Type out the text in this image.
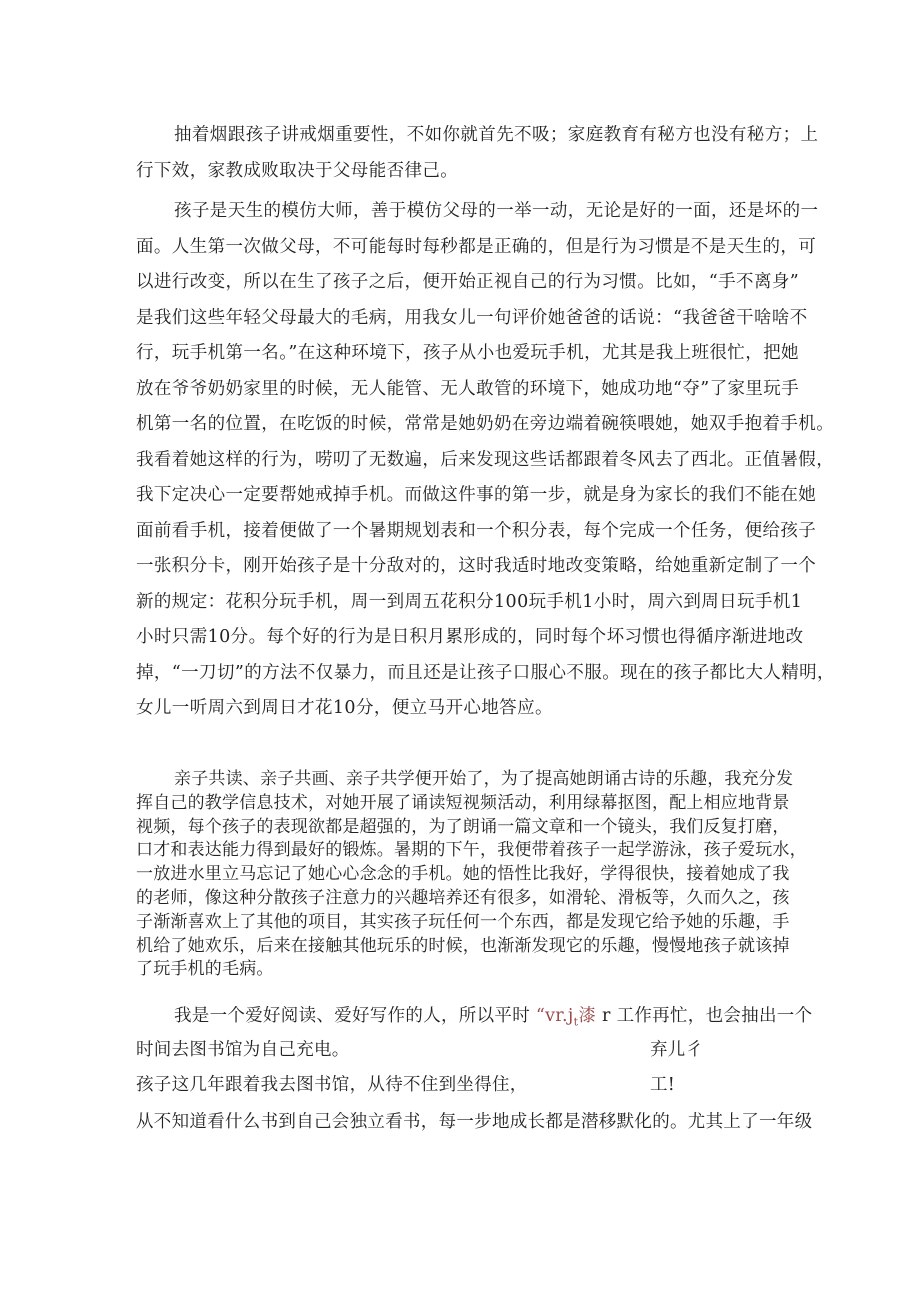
抽着烟跟孩子讲戒烟重要性，不如你就首先不吸；家庭教育有秘方也没有秘方；上
行下效，家教成败取决于父母能否律己。
孩子是天生的模仿大师，善于模仿父母的一举一动，无论是好的一面，还是坏的一
面。人生第一次做父母，不可能每时每秒都是正确的，但是行为习惯是不是天生的，可
以进行改变，所以在生了孩子之后，便开始正视自己的行为习惯。比如，“手不离身”
是我们这些年轻父母最大的毛病，用我女儿一句评价她爸爸的话说：“我爸爸干啥啥不
行，玩手机第一名。”在这种环境下，孩子从小也爱玩手机，尤其是我上班很忙，把她
放在爷爷奶奶家里的时候，无人能管、无人敢管的环境下，她成功地“夺”了家里玩手
机第一名的位置，在吃饭的时候，常常是她奶奶在旁边端着碗筷喂她，她双手抱着手机。
我看着她这样的行为，唠叨了无数遍，后来发现这些话都跟着冬风去了西北。正值暑假，
我下定决心一定要帮她戒掉手机。而做这件事的第一步，就是身为家长的我们不能在她
面前看手机，接着便做了一个暑期规划表和一个积分表，每个完成一个任务，便给孩子
一张积分卡，刚开始孩子是十分敌对的，这时我适时地改变策略，给她重新定制了一个
新的规定：花积分玩手机，周一到周五花积分100玩手机1小时，周六到周日玩手机1
小时只需10分。每个好的行为是日积月累形成的，同时每个坏习惯也得循序渐进地改
掉，“一刀切”的方法不仅暴力，而且还是让孩子口服心不服。现在的孩子都比大人精明，
女儿一听周六到周日才花10分，便立马开心地答应。
亲子共读、亲子共画、亲子共学便开始了，为了提高她朗诵古诗的乐趣，我充分发
挥自己的教学信息技术，对她开展了诵读短视频活动，利用绿幕抠图，配上相应地背景
视频，每个孩子的表现欲都是超强的，为了朗诵一篇文章和一个镜头，我们反复打磨，
口才和表达能力得到最好的锻炼。暑期的下午，我便带着孩子一起学游泳，孩子爱玩水，
一放进水里立马忘记了她心心念念的手机。她的悟性比我好，学得很快，接着她成了我
的老师，像这种分散孩子注意力的兴趣培养还有很多，如滑轮、滑板等，久而久之，孩
子渐渐喜欢上了其他的项目，其实孩子玩任何一个东西，都是发现它给予她的乐趣，手
机给了她欢乐，后来在接触其他玩乐的时候，也渐渐发现它的乐趣，慢慢地孩子就该掉
了玩手机的毛病。
我是一个爱好阅读、爱好写作的人，所以平时 “$vr.j_t$漆 r 工作再忙，也会抽出一个
时间去图书馆为自己充电。	弃儿彳
孩子这几年跟着我去图书馆，从待不住到坐得住，	工!
从不知道看什么书到自己会独立看书，每一步地成长都是潜移默化的。尤其上了一年级
